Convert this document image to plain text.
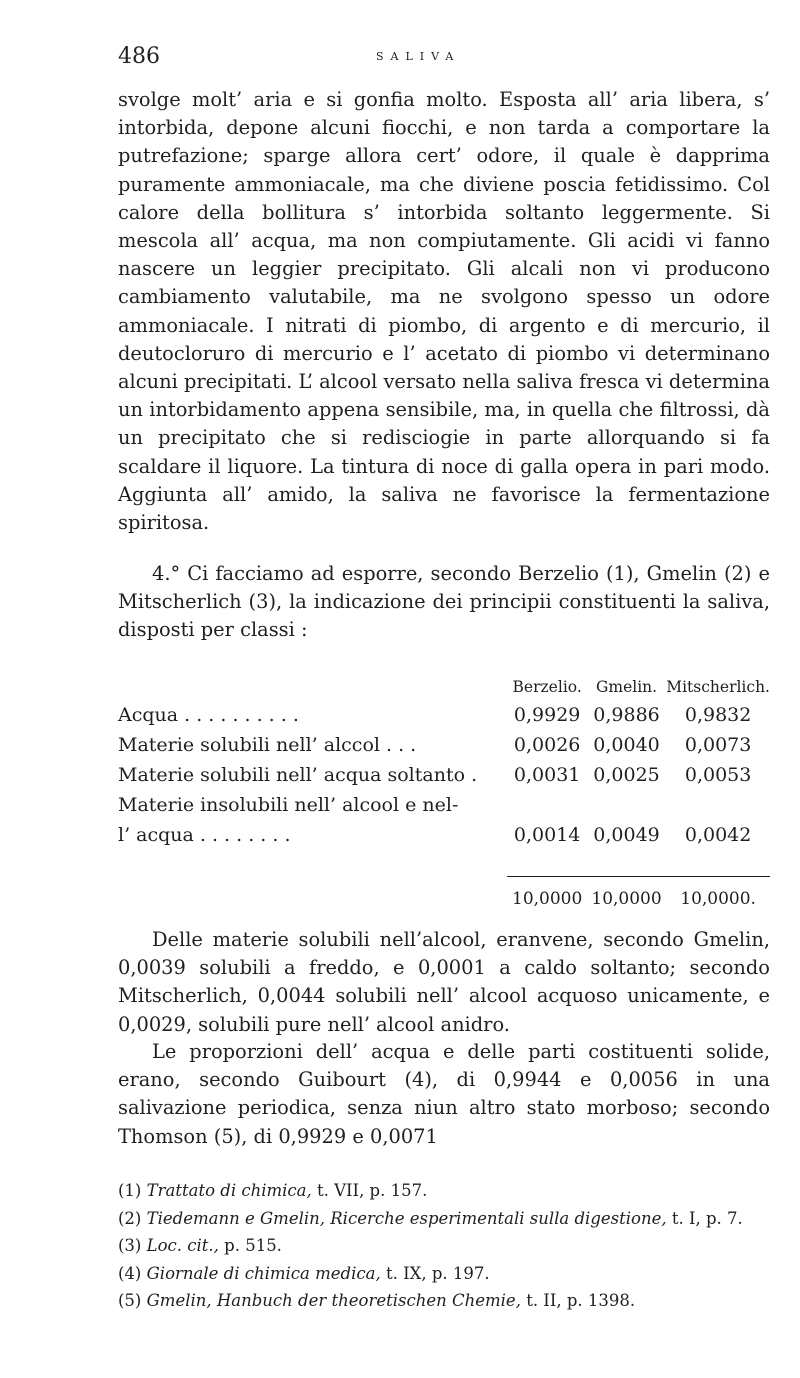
486	SALIVA

svolge molt’ aria e si gonfia molto. Esposta all’ aria libera, s’ intorbida, depone alcuni fiocchi, e non tarda a comportare la putrefazione; sparge allora cert’ odore, il quale è dapprima puramente ammoniacale, ma che diviene poscia fetidissimo. Col calore della bollitura s’ intorbida soltanto leggermente. Si mescola all’ acqua, ma non compiutamente. Gli acidi vi fanno nascere un leggier precipitato. Gli alcali non vi producono cambiamento valutabile, ma ne svolgono spesso un odore ammoniacale. I nitrati di piombo, di argento e di mercurio, il deutocloruro di mercurio e l’ acetato di piombo vi determinano alcuni precipitati. L’ alcool versato nella saliva fresca vi determina un intorbidamento appena sensibile, ma, in quella che filtrossi, dà un precipitato che si redisciogie in parte allorquando si fa scaldare il liquore. La tintura di noce di galla opera in pari modo. Aggiunta all’ amido, la saliva ne favorisce la fermentazione spiritosa.

4.° Ci facciamo ad esporre, secondo Berzelio (1), Gmelin (2) e Mitscherlich (3), la indicazione dei principii constituenti la saliva, disposti per classi :

	Berzelio.	Gmelin.	Mitscherlich.
Acqua . . . . . . . . . .	0,9929	0,9886	0,9832
Materie solubili nell’ alccol . . .	0,0026	0,0040	0,0073
Materie solubili nell’ acqua soltanto .	0,0031	0,0025	0,0053
Materie insolubili nell’ alcool e nel-			
l’ acqua . . . . . . . .	0,0014	0,0049	0,0042

	10,0000	10,0000	10,0000.

Delle materie solubili nell’alcool, eranvene, secondo Gmelin, 0,0039 solubili a freddo, e 0,0001 a caldo soltanto; secondo Mitscherlich, 0,0044 solubili nell’ alcool acquoso unicamente, e 0,0029, solubili pure nell’ alcool anidro.

Le proporzioni dell’ acqua e delle parti costituenti solide, erano, secondo Guibourt (4), di 0,9944 e 0,0056 in una salivazione periodica, senza niun altro stato morboso; secondo Thomson (5), di 0,9929 e 0,0071

(1) Trattato di chimica, t. VII, p. 157.

(2) Tiedemann e Gmelin, Ricerche esperimentali sulla digestione, t. I, p. 7.

(3) Loc. cit., p. 515.

(4) Giornale di chimica medica, t. IX, p. 197.

(5) Gmelin, Hanbuch der theoretischen Chemie, t. II, p. 1398.
